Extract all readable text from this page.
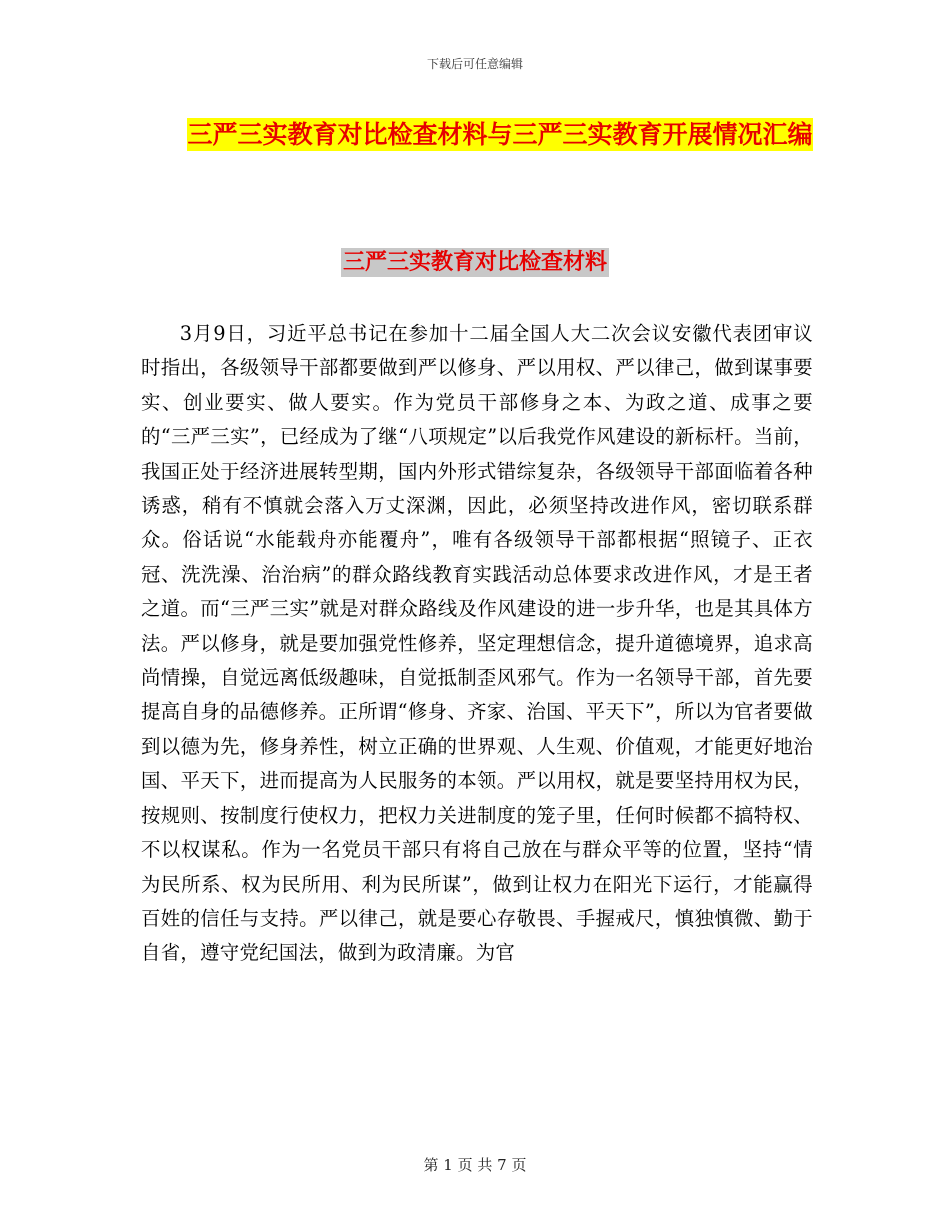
下载后可任意编辑
三严三实教育对比检查材料与三严三实教育开展情况汇编
三严三实教育对比检查材料

3月9日，习近平总书记在参加十二届全国人大二次会议安徽代表团审议时指出，各级领导干部都要做到严以修身、严以用权、严以律己，做到谋事要实、创业要实、做人要实。作为党员干部修身之本、为政之道、成事之要的“三严三实”，已经成为了继“八项规定”以后我党作风建设的新标杆。当前，我国正处于经济进展转型期，国内外形式错综复杂，各级领导干部面临着各种诱惑，稍有不慎就会落入万丈深渊，因此，必须坚持改进作风，密切联系群众。俗话说“水能载舟亦能覆舟”，唯有各级领导干部都根据“照镜子、正衣冠、洗洗澡、治治病”的群众路线教育实践活动总体要求改进作风，才是王者之道。而“三严三实”就是对群众路线及作风建设的进一步升华，也是其具体方法。严以修身，就是要加强党性修养，坚定理想信念，提升道德境界，追求高尚情操，自觉远离低级趣味，自觉抵制歪风邪气。作为一名领导干部，首先要提高自身的品德修养。正所谓“修身、齐家、治国、平天下”，所以为官者要做到以德为先，修身养性，树立正确的世界观、人生观、价值观，才能更好地治国、平天下，进而提高为人民服务的本领。严以用权，就是要坚持用权为民，按规则、按制度行使权力，把权力关进制度的笼子里，任何时候都不搞特权、不以权谋私。作为一名党员干部只有将自己放在与群众平等的位置，坚持“情为民所系、权为民所用、利为民所谋”，做到让权力在阳光下运行，才能赢得百姓的信任与支持。严以律己，就是要心存敬畏、手握戒尺，慎独慎微、勤于自省，遵守党纪国法，做到为政清廉。为官

第 1 页 共 7 页
